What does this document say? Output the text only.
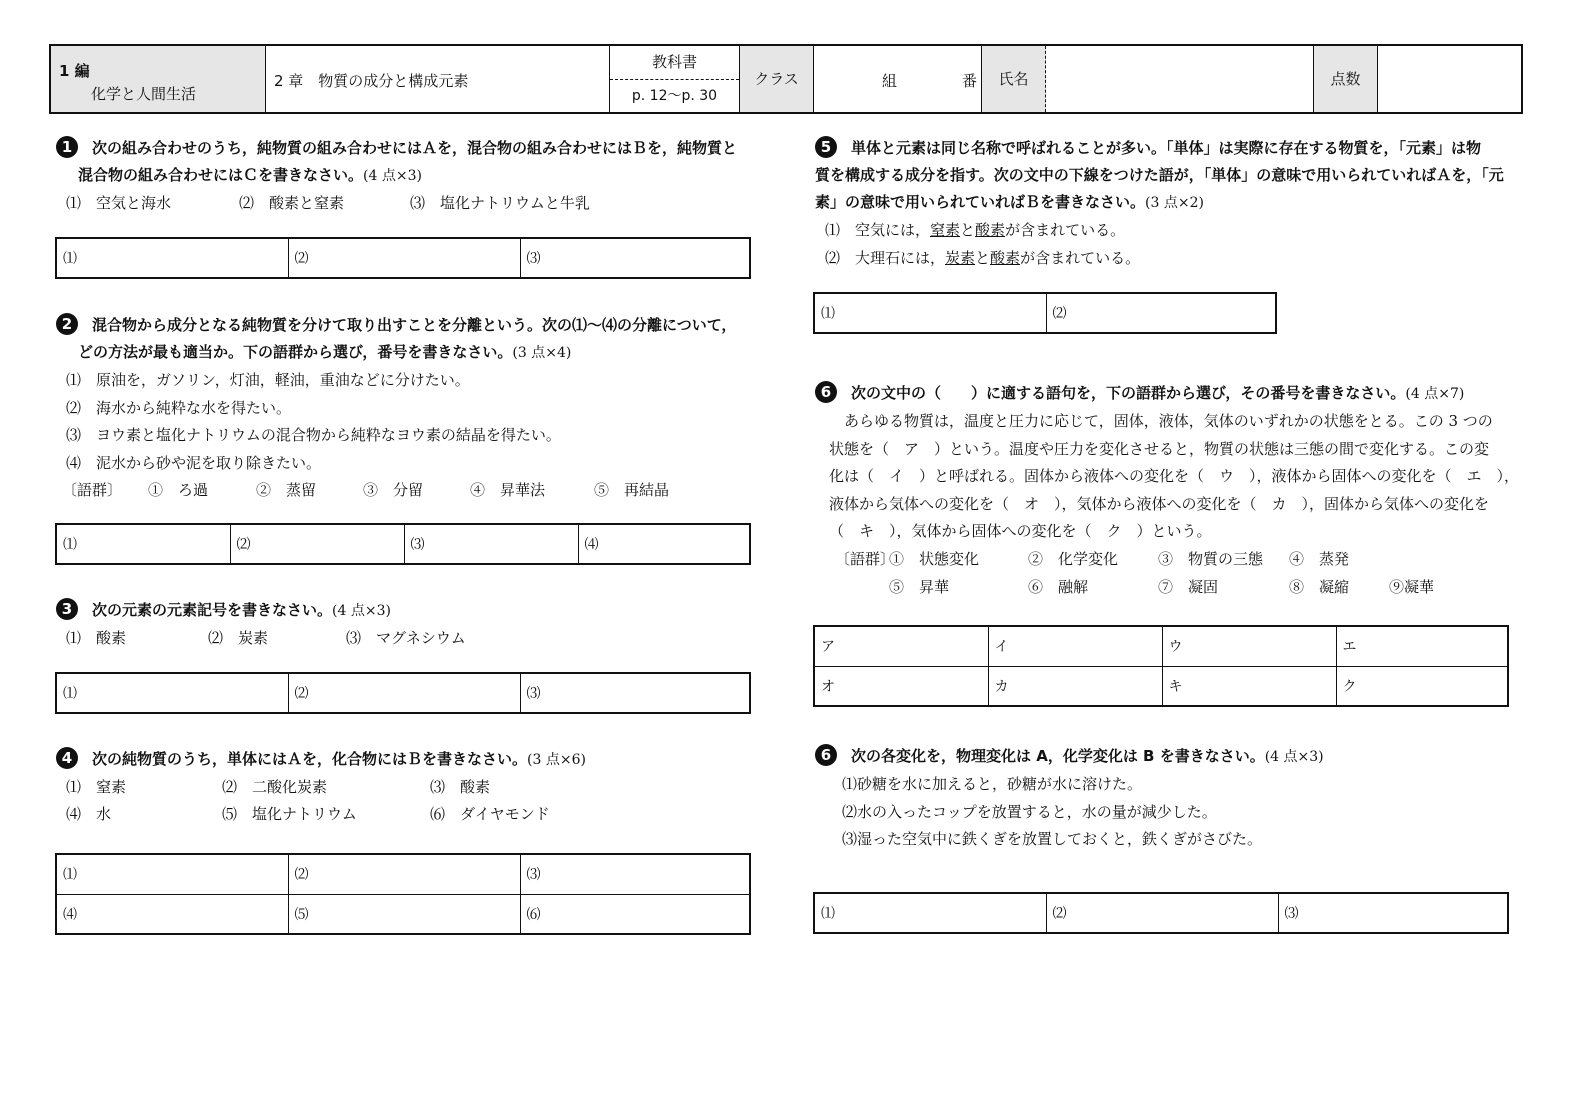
1 編
化学と人間生活
2 章　物質の成分と構成元素
教科書
p. 12〜p. 30
クラス	組	番	氏名	点数
1 次の組み合わせのうち，純物質の組み合わせにはＡを，混合物の組み合わせにはＢを，純物質と
混合物の組み合わせにはＣを書きなさい。(4 点×3)
⑴　空気と海水	⑵　酸素と窒素	⑶　塩化ナトリウムと牛乳
⑴	⑵	⑶
2 混合物から成分となる純物質を分けて取り出すことを分離という。次の⑴〜⑷の分離について，
どの方法が最も適当か。下の語群から選び，番号を書きなさい。(3 点×4)
⑴　原油を，ガソリン，灯油，軽油，重油などに分けたい。
⑵　海水から純粋な水を得たい。
⑶　ヨウ素と塩化ナトリウムの混合物から純粋なヨウ素の結晶を得たい。
⑷　泥水から砂や泥を取り除きたい。
〔語群〕 ①　ろ過	②　蒸留	③　分留	④　昇華法	⑤　再結晶
⑴	⑵	⑶	⑷
3 次の元素の元素記号を書きなさい。(4 点×3)
⑴　酸素	⑵　炭素	⑶　マグネシウム
⑴	⑵	⑶
4 次の純物質のうち，単体にはＡを，化合物にはＢを書きなさい。(3 点×6)
⑴　窒素	⑵　二酸化炭素	⑶　酸素
⑷　水	⑸　塩化ナトリウム	⑹　ダイヤモンド
⑴	⑵	⑶
⑷	⑸	⑹
5 単体と元素は同じ名称で呼ばれることが多い。「単体」は実際に存在する物質を，「元素」は物
質を構成する成分を指す。次の文中の下線をつけた語が，「単体」の意味で用いられていればＡを，「元
素」の意味で用いられていればＢを書きなさい。(3 点×2)
⑴　空気には，窒素と酸素が含まれている。
⑵　大理石には，炭素と酸素が含まれている。
⑴	⑵
6 次の文中の（　　）に適する語句を，下の語群から選び，その番号を書きなさい。(4 点×7)
　あらゆる物質は，温度と圧力に応じて，固体，液体，気体のいずれかの状態をとる。この 3 つの
状態を（　ア　）という。温度や圧力を変化させると，物質の状態は三態の間で変化する。この変
化は（　イ　）と呼ばれる。固体から液体への変化を（　ウ　），液体から固体への変化を（　エ　），
液体から気体への変化を（　オ　），気体から液体への変化を（　カ　），固体から気体への変化を
（　キ　），気体から固体への変化を（　ク　）という。
〔語群〕
①　状態変化	②　化学変化	③　物質の三態 ④　蒸発
⑤　昇華	⑥　融解	⑦　凝固	⑧　凝縮	⑨凝華
ア	イ	ウ	エ
オ	カ	キ	ク
6 次の各変化を，物理変化は A，化学変化は B を書きなさい。(4 点×3)
⑴砂糖を水に加えると，砂糖が水に溶けた。
⑵水の入ったコップを放置すると，水の量が減少した。
⑶湿った空気中に鉄くぎを放置しておくと，鉄くぎがさびた。
⑴	⑵	⑶
